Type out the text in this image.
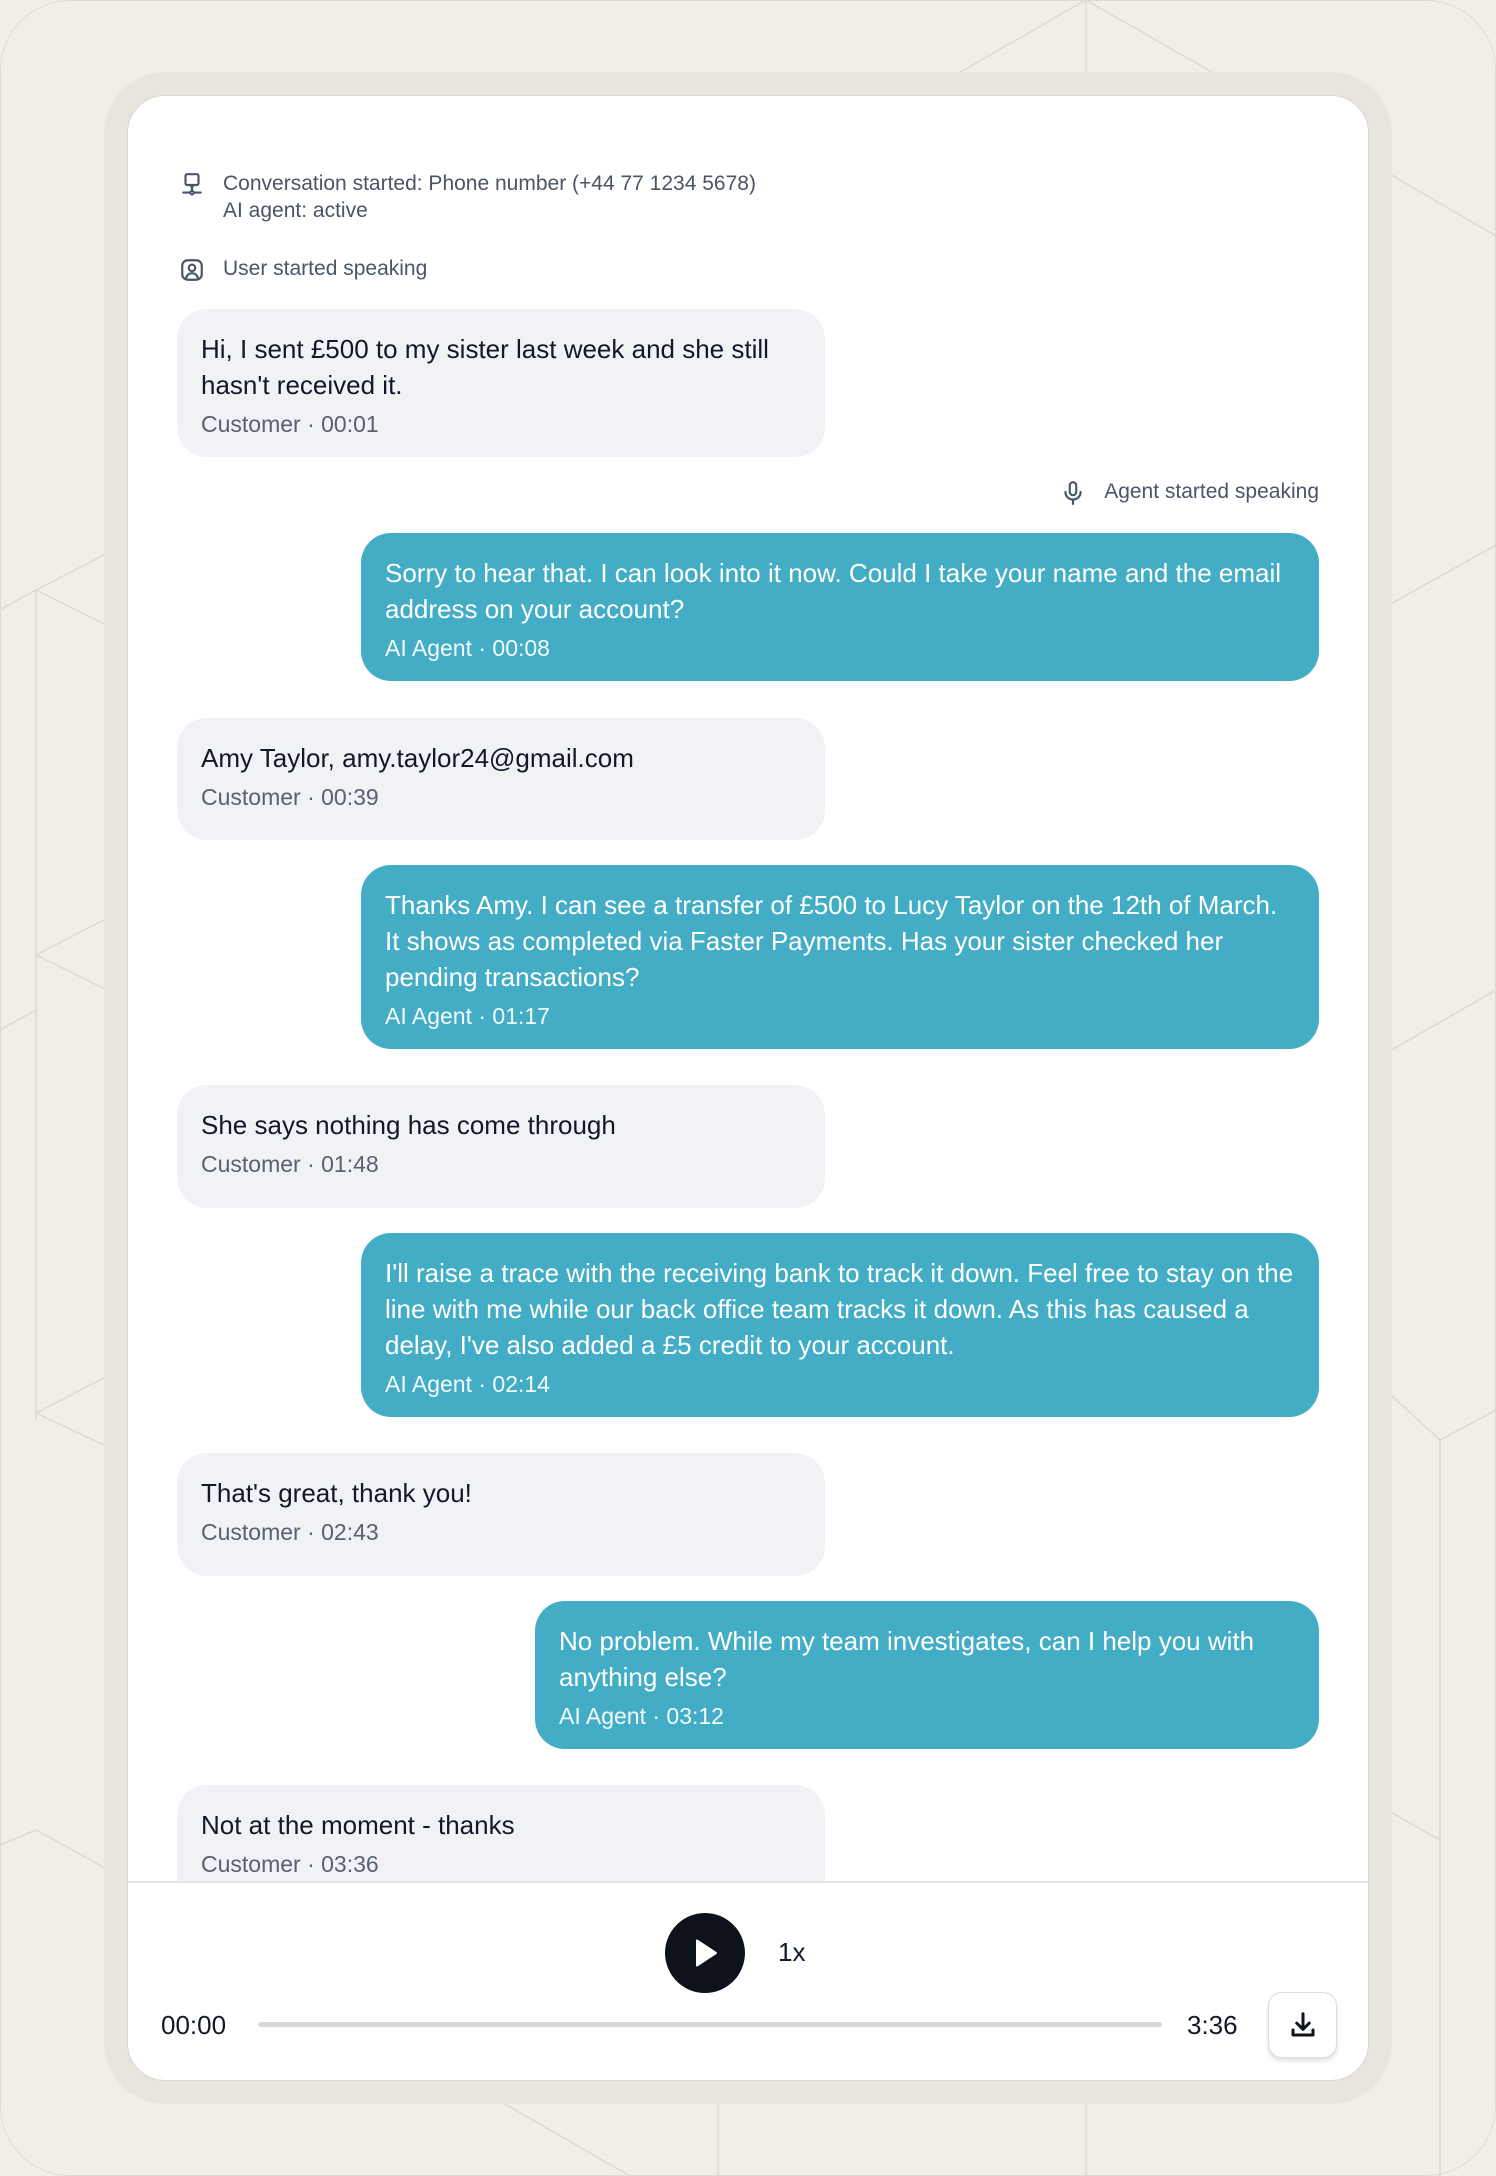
Conversation started: Phone number (+44 77 1234 5678)
AI agent: active
User started speaking
Hi, I sent £500 to my sister last week and she still hasn't received it.
Customer · 00:01
Agent started speaking
Sorry to hear that. I can look into it now. Could I take your name and the email address on your account?
AI Agent · 00:08
Amy Taylor, amy.taylor24@gmail.com
Customer · 00:39
Thanks Amy. I can see a transfer of £500 to Lucy Taylor on the 12th of March. It shows as completed via Faster Payments. Has your sister checked her pending transactions?
AI Agent · 01:17
She says nothing has come through
Customer · 01:48
I'll raise a trace with the receiving bank to track it down. Feel free to stay on the line with me while our back office team tracks it down. As this has caused a delay, I've also added a £5 credit to your account.
AI Agent · 02:14
That's great, thank you!
Customer · 02:43
No problem. While my team investigates, can I help you with anything else?
AI Agent · 03:12
Not at the moment - thanks
Customer · 03:36
1x
00:00	3:36
